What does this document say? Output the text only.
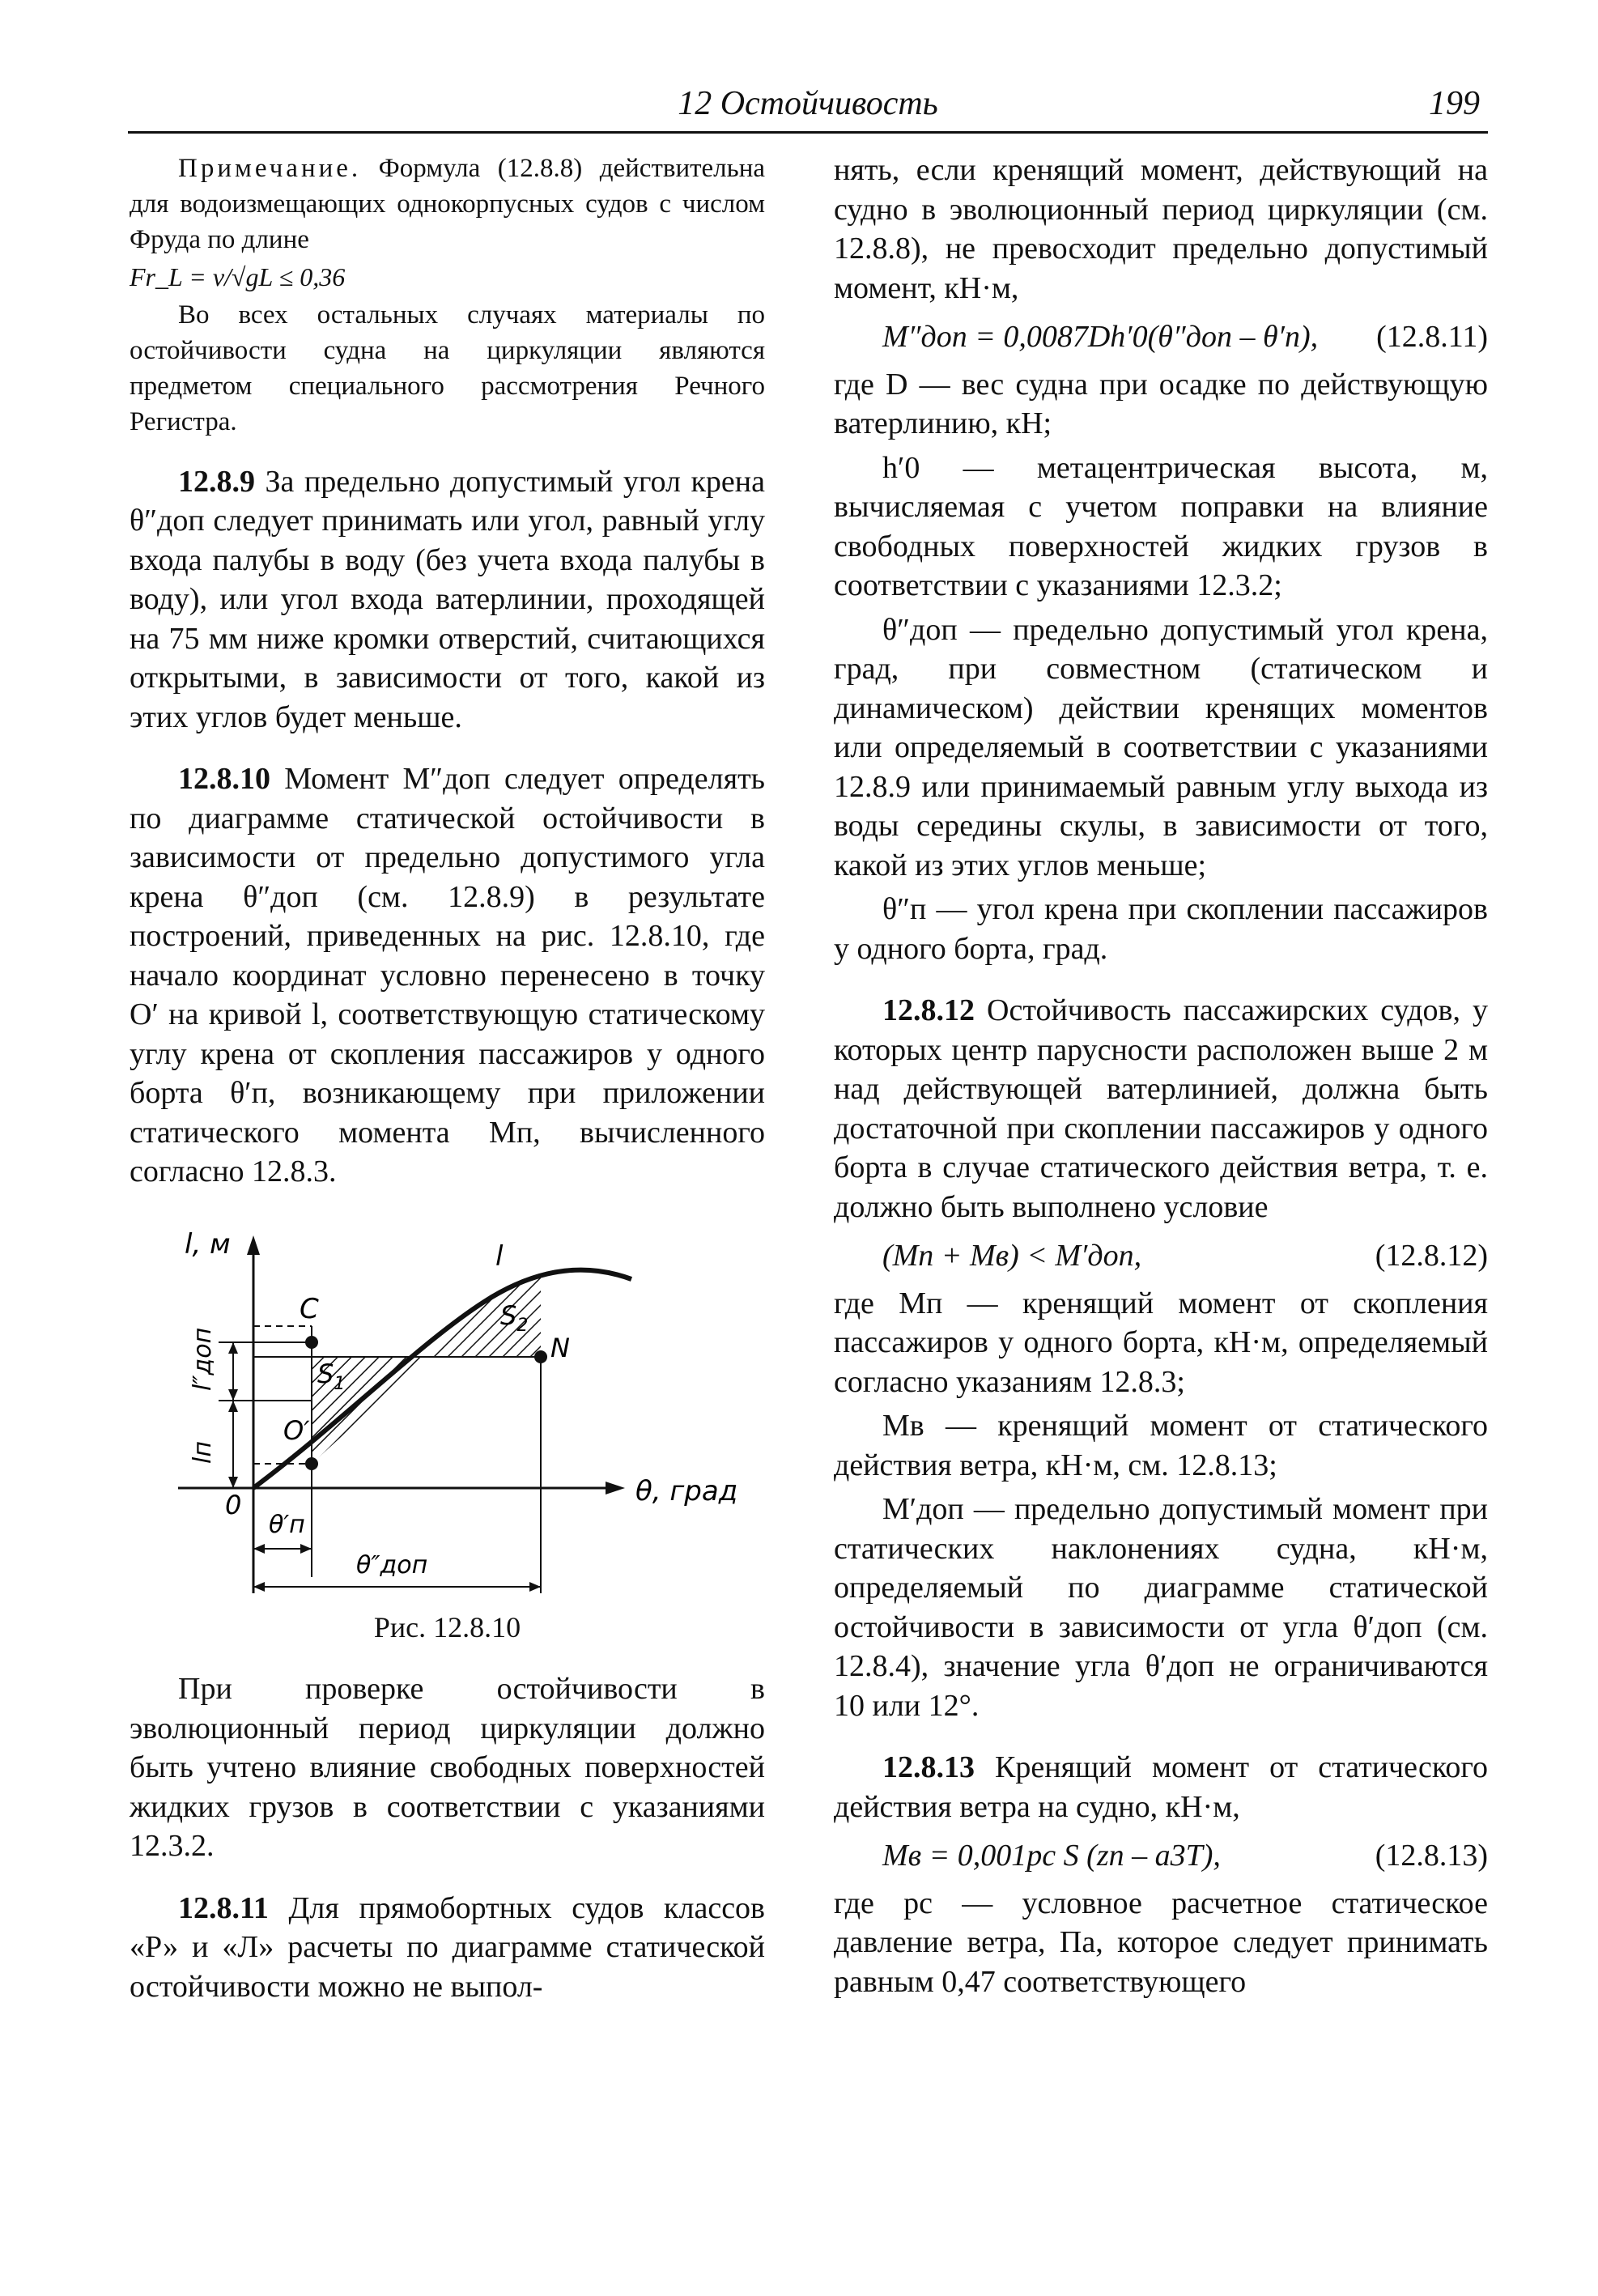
12 Остойчивость	199

Примечание. Формула (12.8.8) действительна для водоизмещающих однокорпусных судов с числом Фруда по длине

Fr_L = v/√gL ≤ 0,36

Во всех остальных случаях материалы по остойчивости судна на циркуляции являются предметом специального рассмотрения Речного Регистра.

12.8.9 За предельно допустимый угол крена θ″доп следует принимать или угол, равный углу входа палубы в воду (без учета входа палубы в воду), или угол входа ватерлинии, проходящей на 75 мм ниже кромки отверстий, считающихся открытыми, в зависимости от того, какой из этих углов будет меньше.

12.8.10 Момент M″доп следует определять по диаграмме статической остойчивости в зависимости от предельно допустимого угла крена θ″доп (см. 12.8.9) в результате построений, приведенных на рис. 12.8.10, где начало координат условно перенесено в точку O′ на кривой l, соответствующую статическому углу крена от скопления пассажиров у одного борта θ′п, возникающему при приложении статического момента Mп, вычисленного согласно 12.8.3.

l, м
θ, град
0
l
C
O′
N
$S_1$
$S_2$
l″доп
lп
θ′п
θ″доп

Рис. 12.8.10

При проверке остойчивости в эволюционный период циркуляции должно быть учтено влияние свободных поверхностей жидких грузов в соответствии с указаниями 12.3.2.

12.8.11 Для прямобортных судов классов «Р» и «Л» расчеты по диаграмме статической остойчивости можно не выпол-

нять, если кренящий момент, действующий на судно в эволюционный период циркуляции (см. 12.8.8), не превосходит предельно допустимый момент, кН·м,

M″доп = 0,0087Dh′0(θ″доп – θ′п), (12.8.11)

где D — вес судна при осадке по действующую ватерлинию, кН;

h′0 — метацентрическая высота, м, вычисляемая с учетом поправки на влияние свободных поверхностей жидких грузов в соответствии с указаниями 12.3.2;

θ″доп — предельно допустимый угол крена, град, при совместном (статическом и динамическом) действии кренящих моментов или определяемый в соответствии с указаниями 12.8.9 или принимаемый равным углу выхода из воды середины скулы, в зависимости от того, какой из этих углов меньше;

θ″п — угол крена при скоплении пассажиров у одного борта, град.

12.8.12 Остойчивость пассажирских судов, у которых центр парусности расположен выше 2 м над действующей ватерлинией, должна быть достаточной при скоплении пассажиров у одного борта в случае статического действия ветра, т. е. должно быть выполнено условие

(Mп + Mв) < M′доп,	(12.8.12)

где Mп — кренящий момент от скопления пассажиров у одного борта, кН·м, определяемый согласно указаниям 12.8.3;

Mв — кренящий момент от статического действия ветра, кН·м, см. 12.8.13;

M′доп — предельно допустимый момент при статических наклонениях судна, кН·м, определяемый по диаграмме статической остойчивости в зависимости от угла θ′доп (см. 12.8.4), значение угла θ′доп не ограничиваются 10 или 12°.

12.8.13 Кренящий момент от статического действия ветра на судно, кН·м,

Mв = 0,001pс S (zп – a3T),	(12.8.13)

где pс — условное расчетное статическое давление ветра, Па, которое следует принимать равным 0,47 соответствующего
